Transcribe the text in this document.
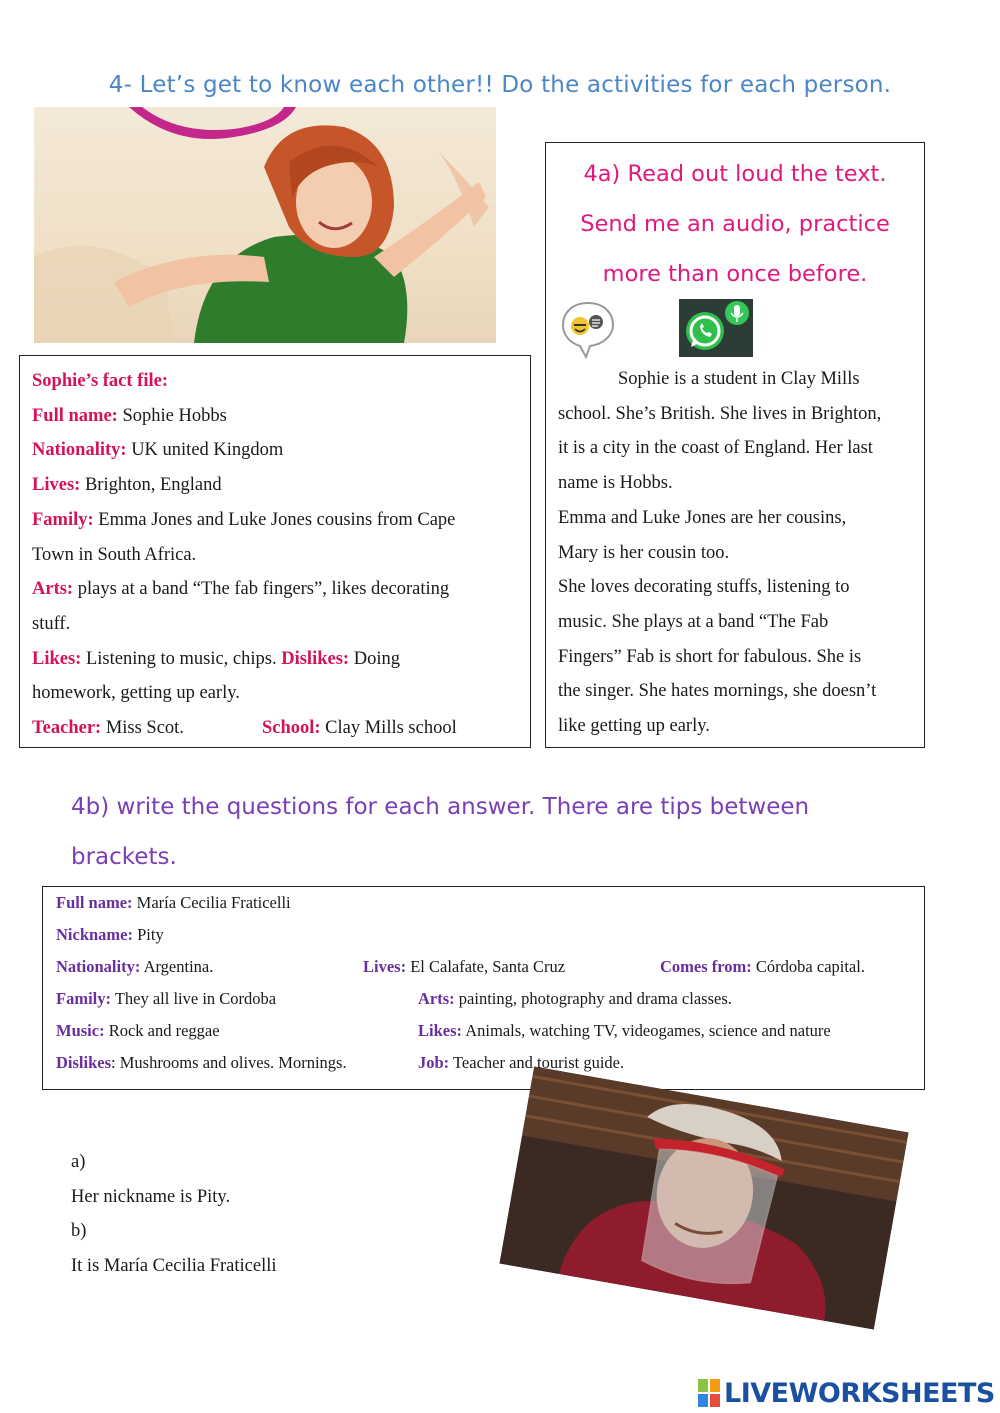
4- Let’s get to know each other!! Do the activities for each person.
Sophie’s fact file:
Full name: Sophie Hobbs
Nationality: UK united Kingdom
Lives: Brighton, England
Family: Emma Jones and Luke Jones cousins from Cape
Town in South Africa.
Arts: plays at a band “The fab fingers”, likes decorating
stuff.
Likes: Listening to music, chips. Dislikes: Doing
homework, getting up early.
Teacher: Miss Scot.	School: Clay Mills school
4a) Read out loud the text.
Send me an audio, practice
more than once before.
Sophie is a student in Clay Mills
school. She’s British. She lives in Brighton,
it is a city in the coast of England. Her last
name is Hobbs.
Emma and Luke Jones are her cousins,
Mary is her cousin too.
She loves decorating stuffs, listening to
music. She plays at a band “The Fab
Fingers” Fab is short for fabulous. She is
the singer. She hates mornings, she doesn’t
like getting up early.
4b) write the questions for each answer. There are tips between
brackets.
Full name: María Cecilia Fraticelli
Nickname: Pity
Nationality: Argentina.	Lives: El Calafate, Santa Cruz	Comes from: Córdoba capital.
Family: They all live in Cordoba	Arts: painting, photography and drama classes.
Music: Rock and reggae	Likes: Animals, watching TV, videogames, science and nature
Dislikes: Mushrooms and olives. Mornings.	Job: Teacher and tourist guide.
a)
Her nickname is Pity.
b)
It is María Cecilia Fraticelli
LIVEWORKSHEETS
